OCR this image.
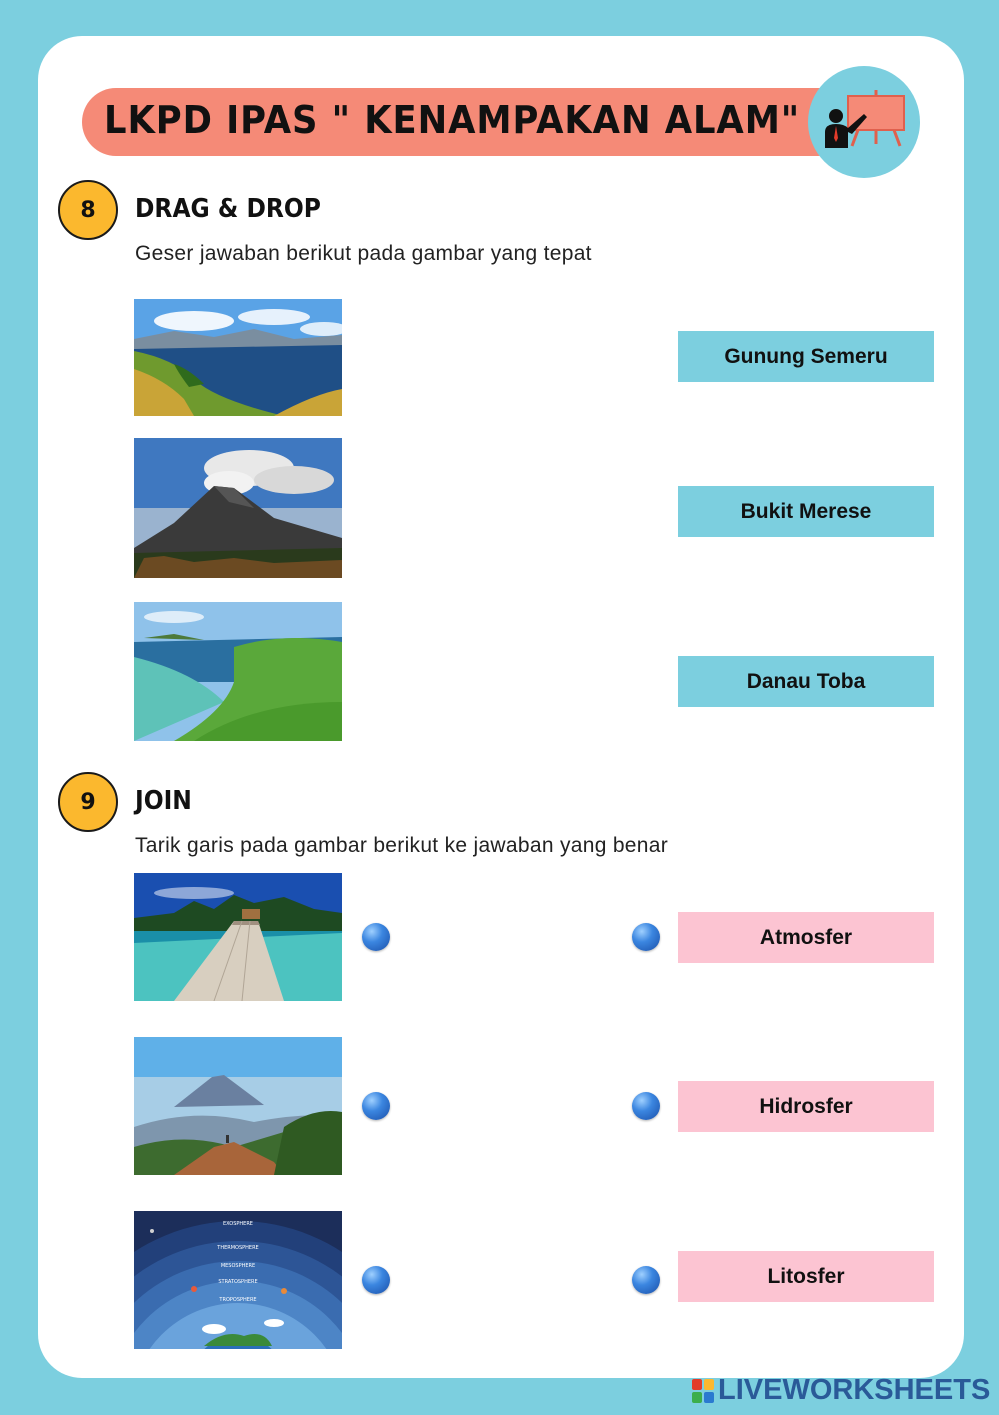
LKPD IPAS " KENAMPAKAN ALAM"
8	DRAG & DROP
Geser jawaban berikut pada gambar yang tepat
Gunung Semeru
Bukit Merese
Danau Toba
9	JOIN
Tarik garis pada gambar berikut ke jawaban yang benar
EXOSPHERE
THERMOSPHERE
MESOSPHERE
STRATOSPHERE
TROPOSPHERE
Atmosfer
Hidrosfer
Litosfer
LIVEWORKSHEETS
